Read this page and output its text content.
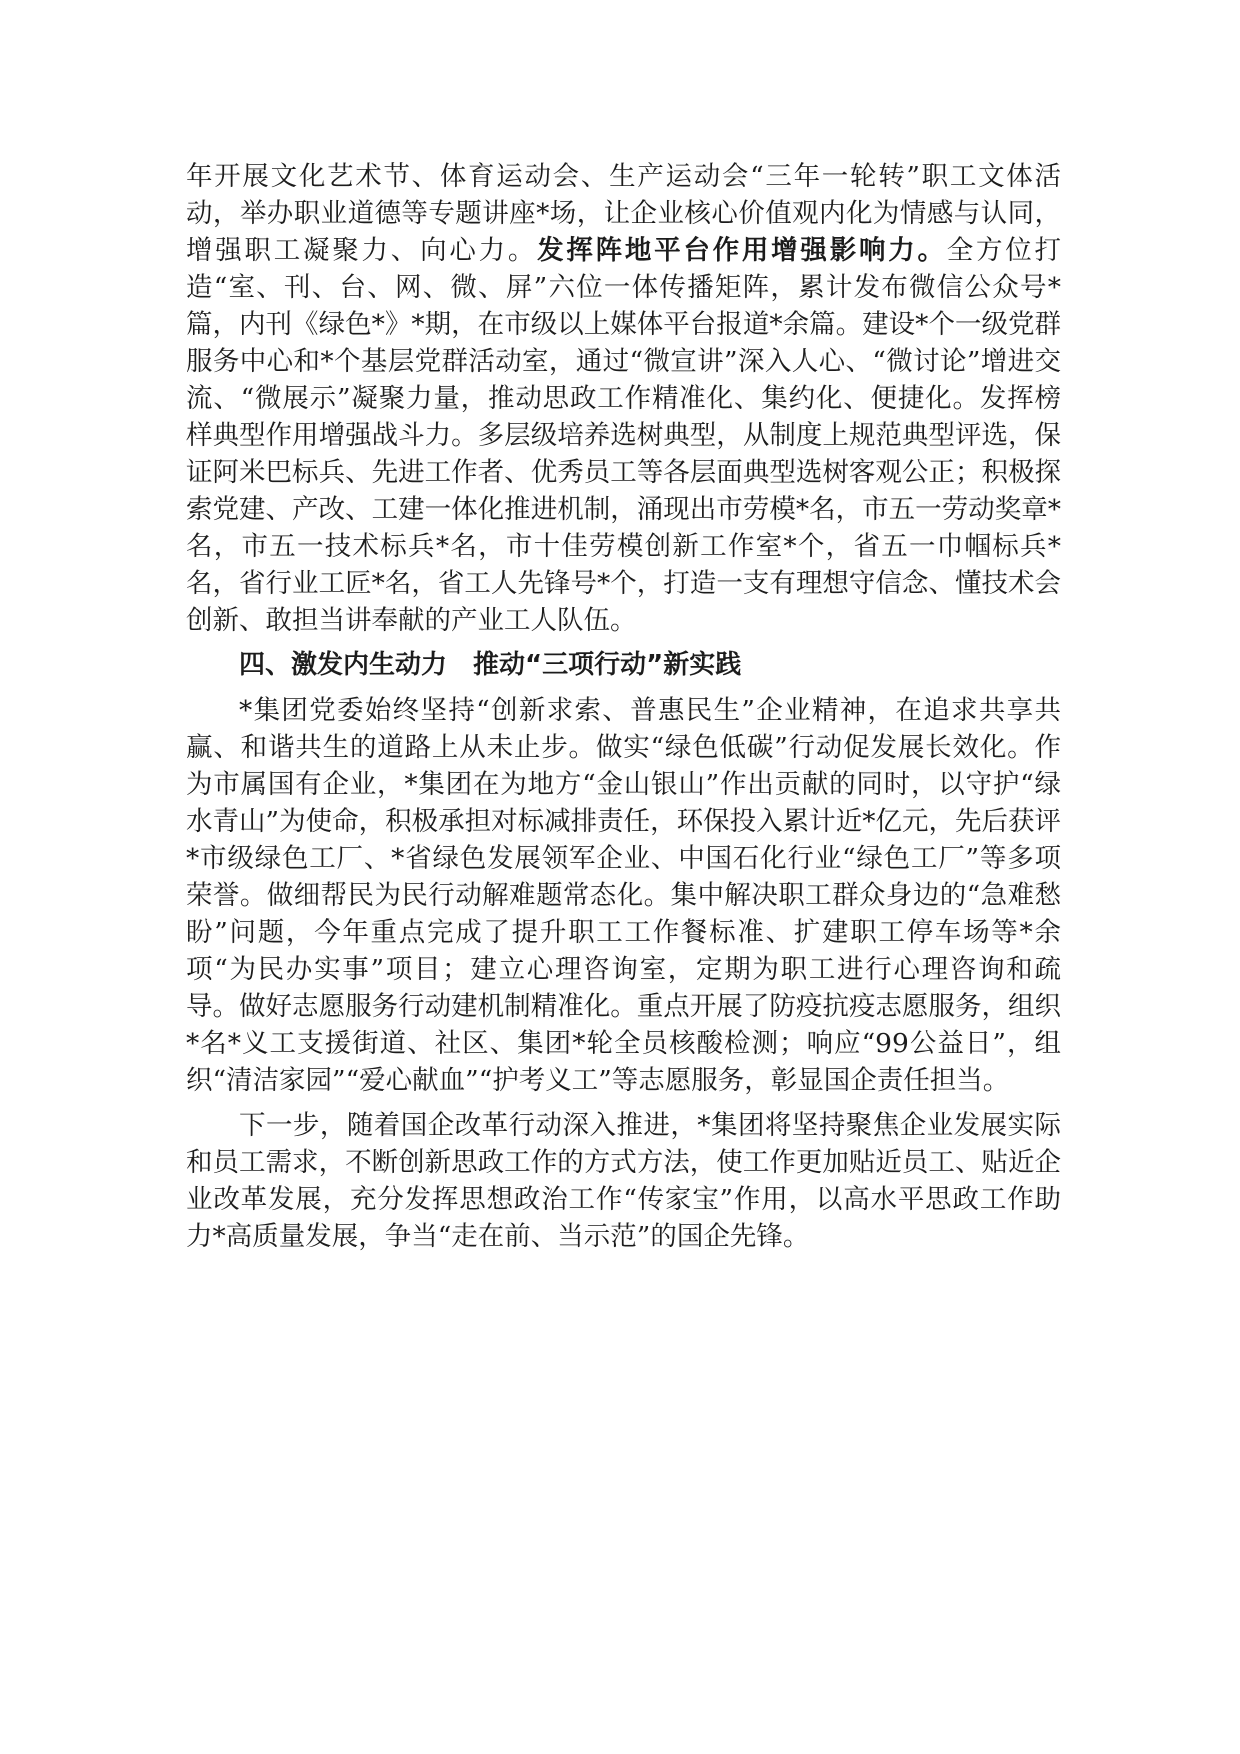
年开展文化艺术节、体育运动会、生产运动会“三年一轮转”职工文体活动，举办职业道德等专题讲座*场，让企业核心价值观内化为情感与认同，增强职工凝聚力、向心力。发挥阵地平台作用增强影响力。全方位打造“室、刊、台、网、微、屏”六位一体传播矩阵，累计发布微信公众号*篇，内刊《绿色*》*期，在市级以上媒体平台报道*余篇。建设*个一级党群服务中心和*个基层党群活动室，通过“微宣讲”深入人心、“微讨论”增进交流、“微展示”凝聚力量，推动思政工作精准化、集约化、便捷化。发挥榜样典型作用增强战斗力。多层级培养选树典型，从制度上规范典型评选，保证阿米巴标兵、先进工作者、优秀员工等各层面典型选树客观公正；积极探索党建、产改、工建一体化推进机制，涌现出市劳模*名，市五一劳动奖章*名，市五一技术标兵*名，市十佳劳模创新工作室*个，省五一巾帼标兵*名，省行业工匠*名，省工人先锋号*个，打造一支有理想守信念、懂技术会创新、敢担当讲奉献的产业工人队伍。

四、激发内生动力 推动“三项行动”新实践

*集团党委始终坚持“创新求索、普惠民生”企业精神，在追求共享共赢、和谐共生的道路上从未止步。做实“绿色低碳”行动促发展长效化。作为市属国有企业，*集团在为地方“金山银山”作出贡献的同时，以守护“绿水青山”为使命，积极承担对标减排责任，环保投入累计近*亿元，先后获评*市级绿色工厂、*省绿色发展领军企业、中国石化行业“绿色工厂”等多项荣誉。做细帮民为民行动解难题常态化。集中解决职工群众身边的“急难愁盼”问题，今年重点完成了提升职工工作餐标准、扩建职工停车场等*余项“为民办实事”项目；建立心理咨询室，定期为职工进行心理咨询和疏导。做好志愿服务行动建机制精准化。重点开展了防疫抗疫志愿服务，组织*名*义工支援街道、社区、集团*轮全员核酸检测；响应“99公益日”，组织“清洁家园”“爱心献血”“护考义工”等志愿服务，彰显国企责任担当。

下一步，随着国企改革行动深入推进，*集团将坚持聚焦企业发展实际和员工需求，不断创新思政工作的方式方法，使工作更加贴近员工、贴近企业改革发展，充分发挥思想政治工作“传家宝”作用，以高水平思政工作助力*高质量发展，争当“走在前、当示范”的国企先锋。
